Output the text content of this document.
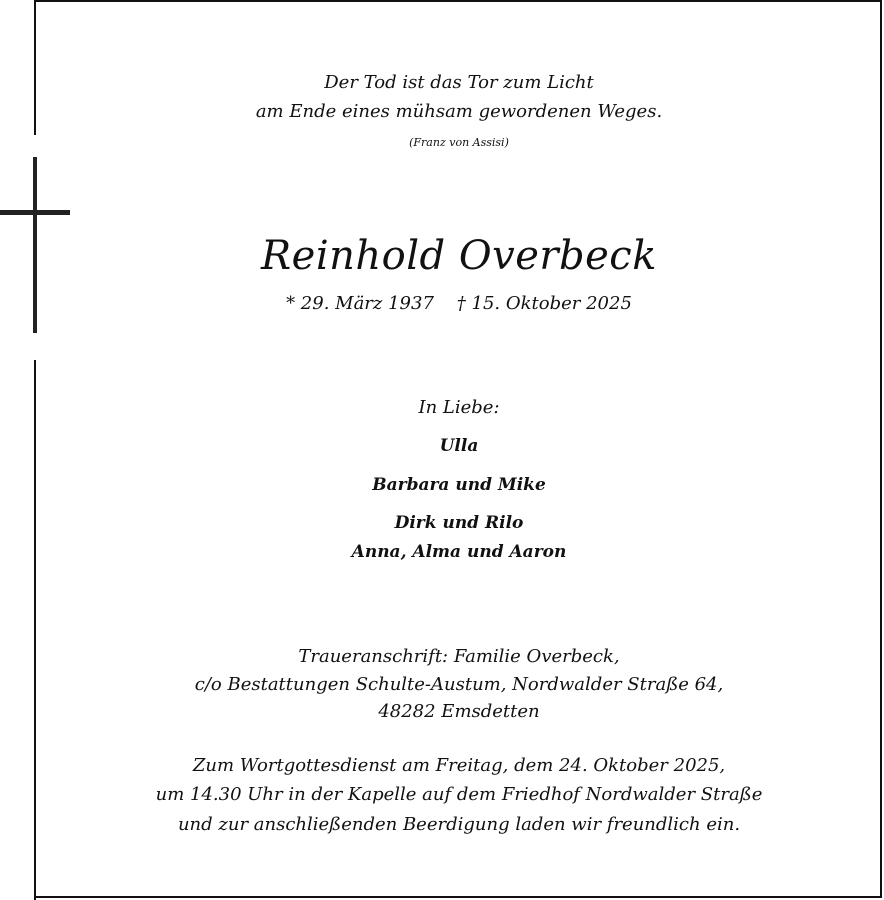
Der Tod ist das Tor zum Licht
am Ende eines mühsam gewordenen Weges.
(Franz von Assisi)
Reinhold Overbeck
* 29. März 1937    † 15. Oktober 2025
In Liebe:
Ulla
Barbara und Mike
Dirk und Rilo
Anna, Alma und Aaron
Traueranschrift: Familie Overbeck,
c/o Bestattungen Schulte-Austum, Nordwalder Straße 64,
48282 Emsdetten
Zum Wortgottesdienst am Freitag, dem 24. Oktober 2025,
um 14.30 Uhr in der Kapelle auf dem Friedhof Nordwalder Straße
und zur anschließenden Beerdigung laden wir freundlich ein.
